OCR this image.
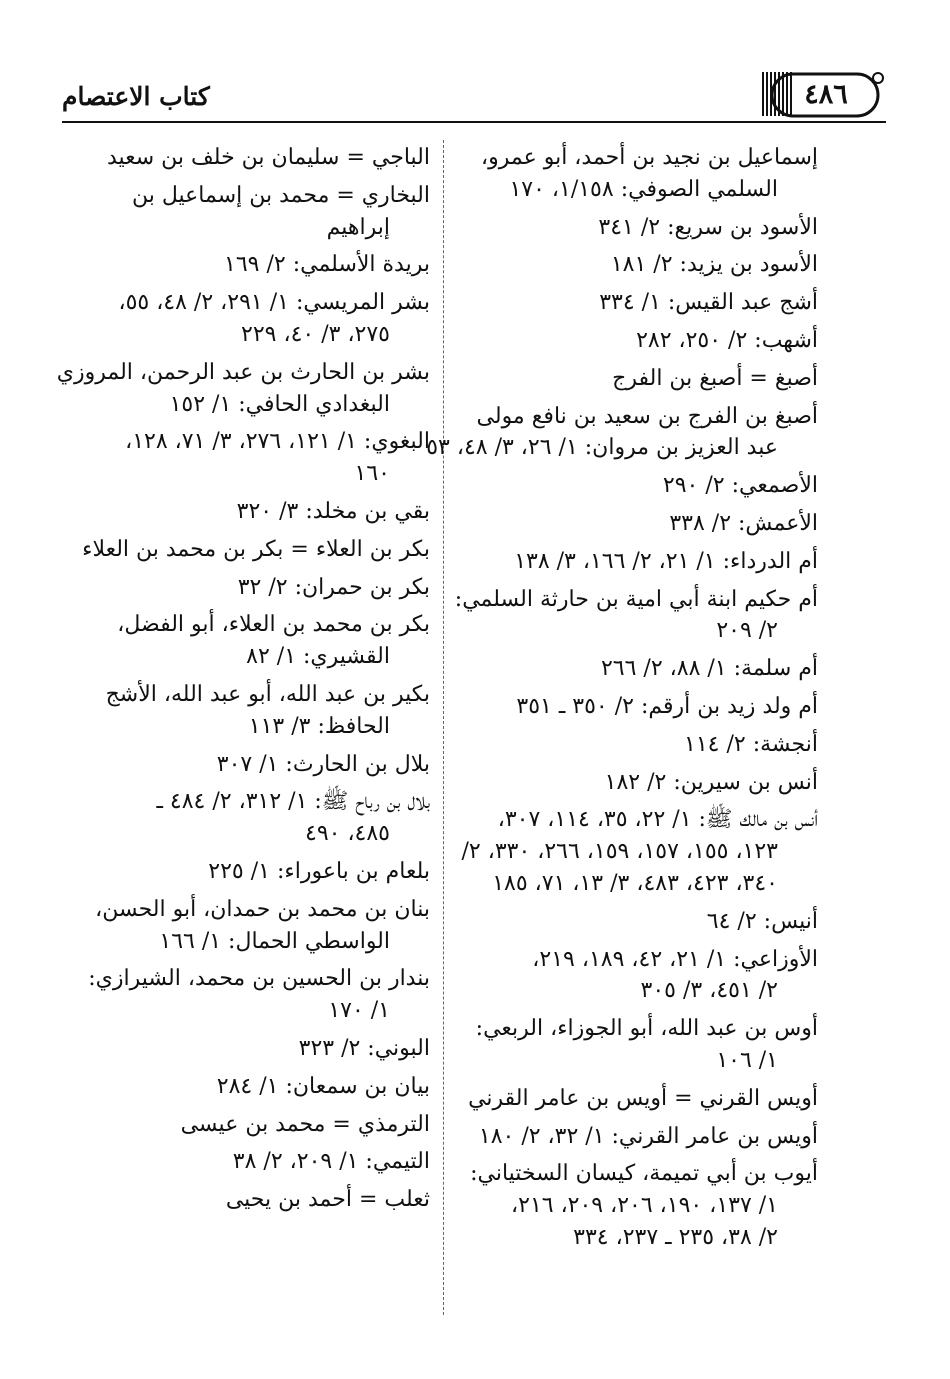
كتاب الاعتصام	٤٨٦
إسماعيل بن نجيد بن أحمد، أبو عمرو،
السلمي الصوفي: ١/١٥٨، ١٧٠
الأسود بن سريع: ٢/ ٣٤١
الأسود بن يزيد: ٢/ ١٨١
أشج عبد القيس: ١/ ٣٣٤
أشهب: ٢/ ٢٥٠، ٢٨٢
أصبغ = أصبغ بن الفرج
أصبغ بن الفرج بن سعيد بن نافع مولى
عبد العزيز بن مروان: ١/ ٢٦، ٣/ ٤٨، ٥٣
الأصمعي: ٢/ ٢٩٠
الأعمش: ٢/ ٣٣٨
أم الدرداء: ١/ ٢١، ٢/ ١٦٦، ٣/ ١٣٨
أم حكيم ابنة أبي امية بن حارثة السلمي:
٢/ ٢٠٩
أم سلمة: ١/ ٨٨، ٢/ ٢٦٦
أم ولد زيد بن أرقم: ٢/ ٣٥٠ ـ ٣٥١
أنجشة: ٢/ ١١٤
أنس بن سيرين: ٢/ ١٨٢
أنس بن مالك ﷺ: ١/ ٢٢، ٣٥، ١١٤، ٣٠٧،
١٢٣، ١٥٥، ١٥٧، ١٥٩، ٢٦٦، ٣٣٠، ٢/
٣٤٠، ٤٢٣، ٤٨٣، ٣/ ١٣، ٧١، ١٨٥
أنيس: ٢/ ٦٤
الأوزاعي: ١/ ٢١، ٤٢، ١٨٩، ٢١٩،
٢/ ٤٥١، ٣/ ٣٠٥
أوس بن عبد الله، أبو الجوزاء، الربعي:
١/ ١٠٦
أويس القرني = أويس بن عامر القرني
أويس بن عامر القرني: ١/ ٣٢، ٢/ ١٨٠
أيوب بن أبي تميمة، كيسان السختياني:
١/ ١٣٧، ١٩٠، ٢٠٦، ٢٠٩، ٢١٦،
٢/ ٣٨، ٢٣٥ ـ ٢٣٧، ٣٣٤
الباجي = سليمان بن خلف بن سعيد
البخاري = محمد بن إسماعيل بن
إبراهيم
بريدة الأسلمي: ٢/ ١٦٩
بشر المريسي: ١/ ٢٩١، ٢/ ٤٨، ٥٥،
٢٧٥، ٣/ ٤٠، ٢٢٩
بشر بن الحارث بن عبد الرحمن، المروزي
البغدادي الحافي: ١/ ١٥٢
البغوي: ١/ ١٢١، ٢٧٦، ٣/ ٧١، ١٢٨،
١٦٠
بقي بن مخلد: ٣/ ٣٢٠
بكر بن العلاء = بكر بن محمد بن العلاء
بكر بن حمران: ٢/ ٣٢
بكر بن محمد بن العلاء، أبو الفضل،
القشيري: ١/ ٨٢
بكير بن عبد الله، أبو عبد الله، الأشج
الحافظ: ٣/ ١١٣
بلال بن الحارث: ١/ ٣٠٧
بلال بن رباح ﷺ: ١/ ٣١٢، ٢/ ٤٨٤ ـ
٤٨٥، ٤٩٠
بلعام بن باعوراء: ١/ ٢٢٥
بنان بن محمد بن حمدان، أبو الحسن،
الواسطي الحمال: ١/ ١٦٦
بندار بن الحسين بن محمد، الشيرازي:
١/ ١٧٠
البوني: ٢/ ٣٢٣
بيان بن سمعان: ١/ ٢٨٤
الترمذي = محمد بن عيسى
التيمي: ١/ ٢٠٩، ٢/ ٣٨
ثعلب = أحمد بن يحيى
